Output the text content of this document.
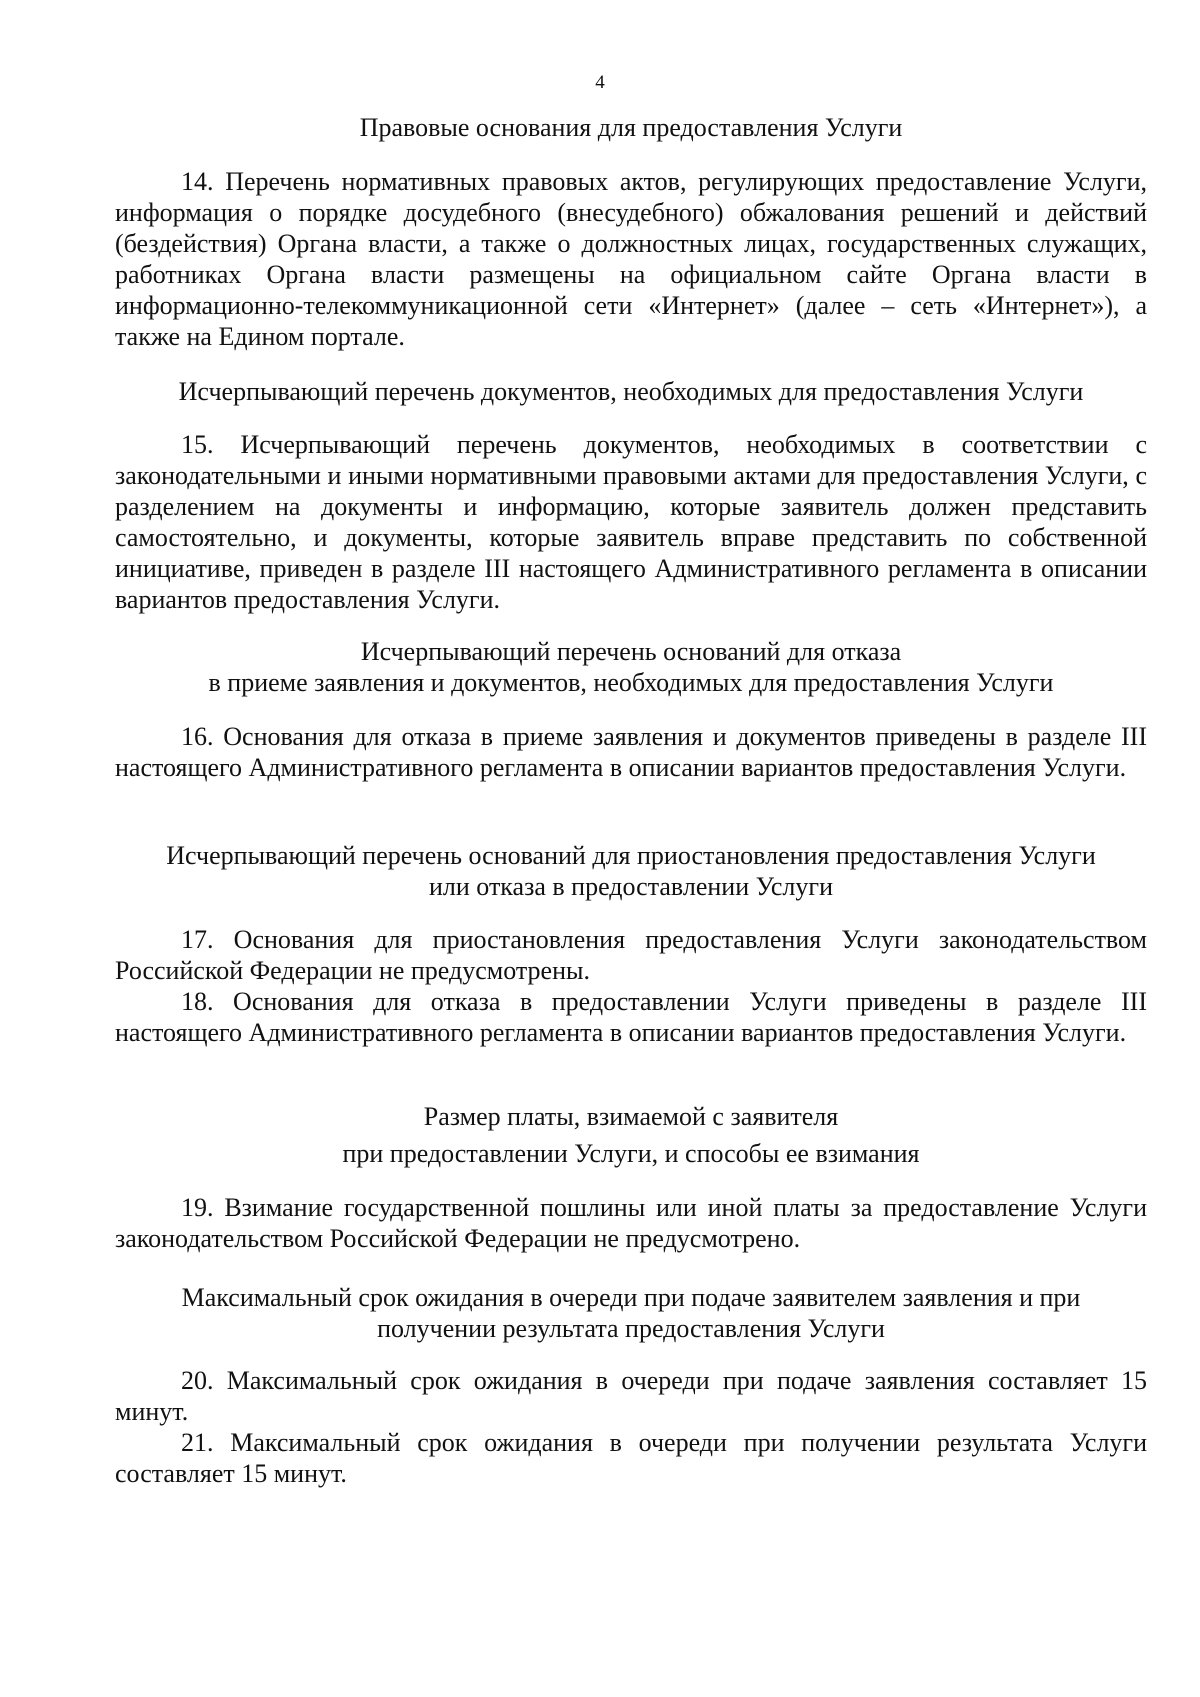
4

Правовые основания для предоставления Услуги

14. Перечень нормативных правовых актов, регулирующих предоставление Услуги, информация о порядке досудебного (внесудебного) обжалования решений и действий (бездействия) Органа власти, а также о должностных лицах, государственных служащих, работниках Органа власти размещены на официальном сайте Органа власти в информационно-телекоммуникационной сети «Интернет» (далее – сеть «Интернет»), а также на Едином портале.

Исчерпывающий перечень документов, необходимых для предоставления Услуги

15. Исчерпывающий перечень документов, необходимых в соответствии с законодательными и иными нормативными правовыми актами для предоставления Услуги, с разделением на документы и информацию, которые заявитель должен представить самостоятельно, и документы, которые заявитель вправе представить по собственной инициативе, приведен в разделе III настоящего Административного регламента в описании вариантов предоставления Услуги.

Исчерпывающий перечень оснований для отказа
в приеме заявления и документов, необходимых для предоставления Услуги

16. Основания для отказа в приеме заявления и документов приведены в разделе III настоящего Административного регламента в описании вариантов предоставления Услуги.

Исчерпывающий перечень оснований для приостановления предоставления Услуги
или отказа в предоставлении Услуги

17. Основания для приостановления предоставления Услуги законодательством Российской Федерации не предусмотрены.

18. Основания для отказа в предоставлении Услуги приведены в разделе III настоящего Административного регламента в описании вариантов предоставления Услуги.

Размер платы, взимаемой с заявителя
при предоставлении Услуги, и способы ее взимания

19. Взимание государственной пошлины или иной платы за предоставление Услуги законодательством Российской Федерации не предусмотрено.

Максимальный срок ожидания в очереди при подаче заявителем заявления и при
получении результата предоставления Услуги

20. Максимальный срок ожидания в очереди при подаче заявления составляет 15 минут.

21. Максимальный срок ожидания в очереди при получении результата Услуги составляет 15 минут.
